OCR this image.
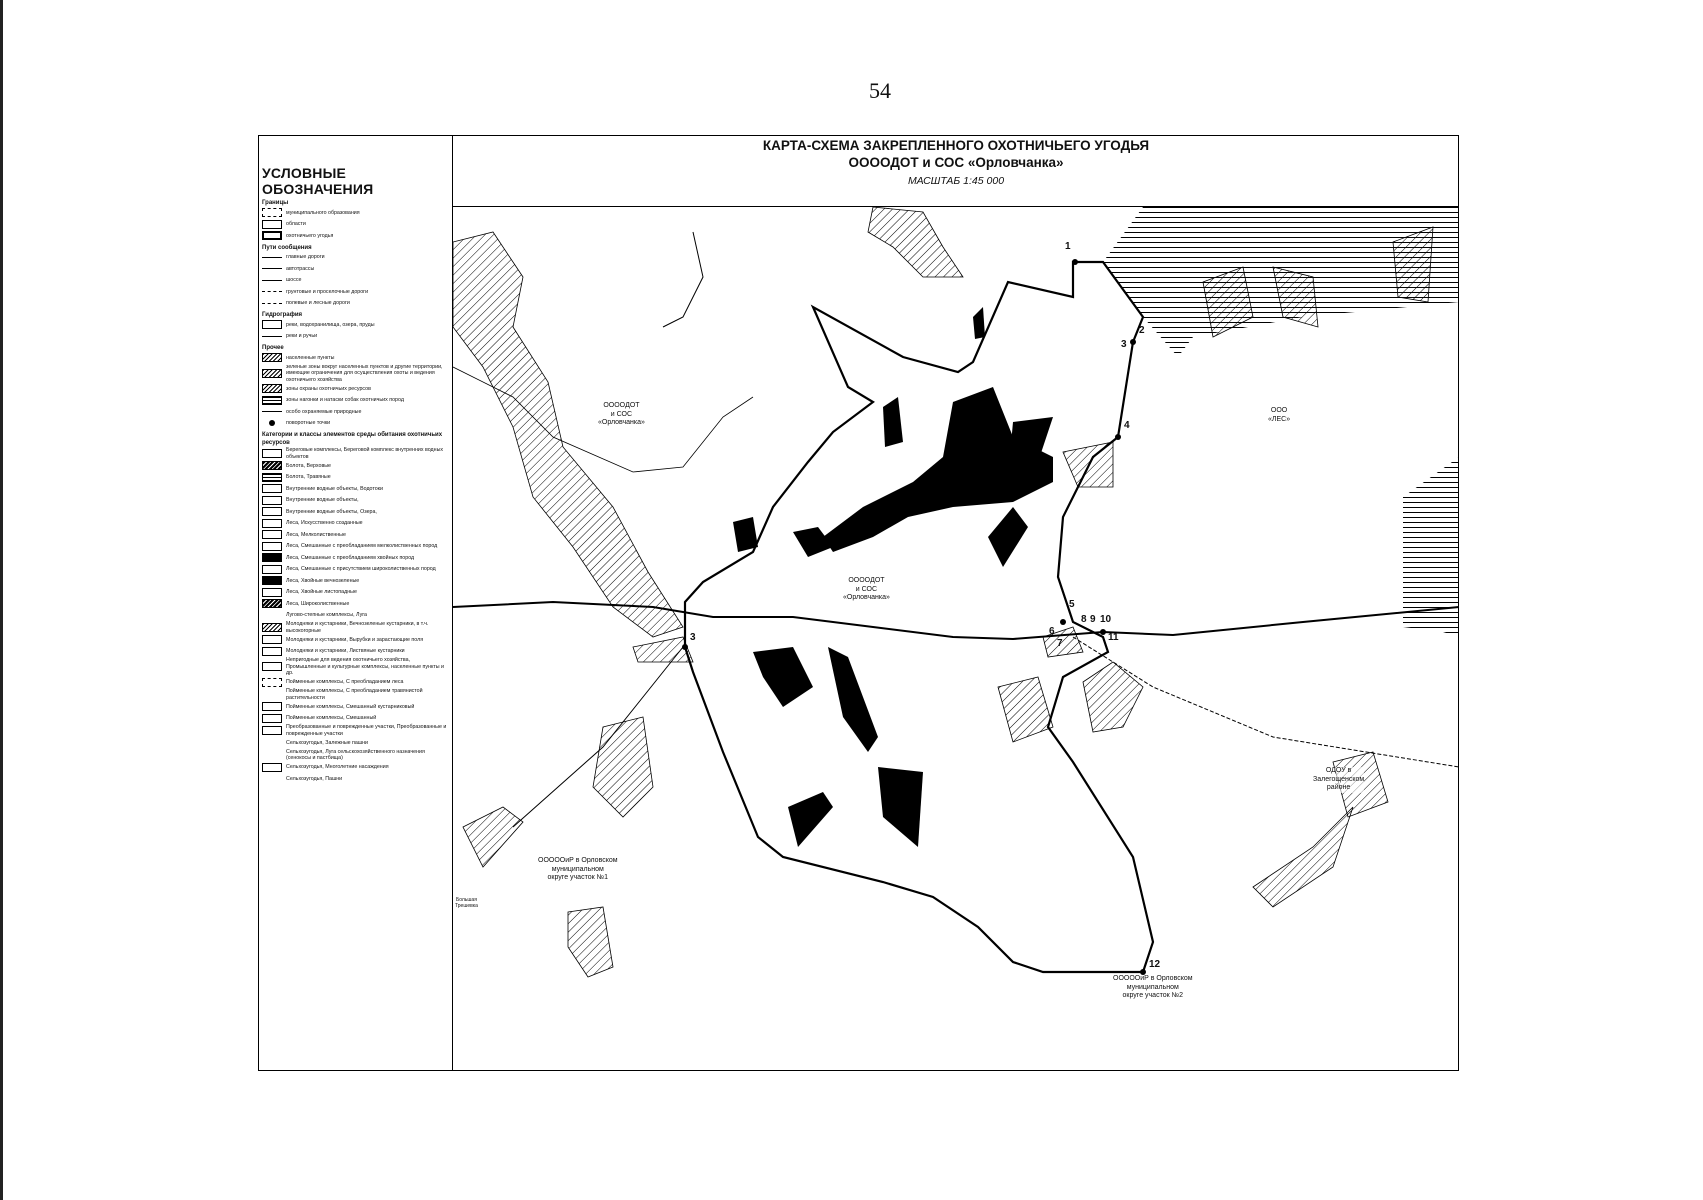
54
УСЛОВНЫЕ ОБОЗНАЧЕНИЯ
Границы
муниципального образования
области
охотничьего угодья
Пути сообщения
главные дороги
автотрассы
шоссе
грунтовые и проселочные дороги
полевые и лесные дороги
Гидрография
реки, водохранилища, озера, пруды
реки и ручьи
Прочее
населенные пункты
зеленые зоны вокруг населенных пунктов и другие территории, имеющие ограничения для осуществления охоты и ведения охотничьего хозяйства
зоны охраны охотничьих ресурсов
зоны нагонки и натаски собак охотничьих пород
особо охраняемые природные
поворотные точки
Категории и классы элементов среды обитания охотничьих ресурсов
Береговые комплексы, Береговой комплекс внутренних водных объектов
Болота, Верховые
Болота, Травяные
Внутренние водные объекты, Водотоки
Внутренние водные объекты,
Внутренние водные объекты, Озера,
Леса, Искусственно созданные
Леса, Мелколиственные
Леса, Смешанные с преобладанием мелколиственных пород
Леса, Смешанные с преобладанием хвойных пород
Леса, Смешанные с присутствием широколиственных пород
Леса, Хвойные вечнозеленые
Леса, Хвойные листопадные
Леса, Широколиственные
Лугово-степные комплексы, Луга
Молодняки и кустарники, Вечнозеленые кустарники, в т.ч. высокогорные
Молодняки и кустарники, Вырубки и зарастающие поля
Молодняки и кустарники, Листвяные кустарники
Непригодные для ведения охотничьего хозяйства, Промышленные и культурные комплексы, населенные пункты и др.
Пойменные комплексы, С преобладанием леса
Пойменные комплексы, С преобладанием травянистой растительности
Пойменные комплексы, Смешанный кустарниковый
Пойменные комплексы, Смешанный
Преобразованные и поврежденные участки, Преобразованные и поврежденные участки
Сельхозугодья, Залежные пашни
Сельхозугодья, Луга сельскохозяйственного назначения (сенокосы и пастбища)
Сельхозугодья, Многолетние насаждения
Сельхозугодья, Пашни
КАРТА-СХЕМА ЗАКРЕПЛЕННОГО ОХОТНИЧЬЕГО УГОДЬЯ
ОOOОДОТ и СОС «Орловчанка»
МАСШТАБ 1:45 000
ОООOДОТ
и СОС
«Орловчанка»
ОООOДОТ
и СОС
«Орловчанка»
ООО
«ЛЕС»
ОДОУ в
Залегощенском
районе
ОOOOОиР в Орловском
муниципальном
округе участок №1
ОOOOОиР в Орловском
муниципальном
округе участок №2
Большая
Трешевка
1
2
3
4
5
6
7
8 9 10
11
12
3
